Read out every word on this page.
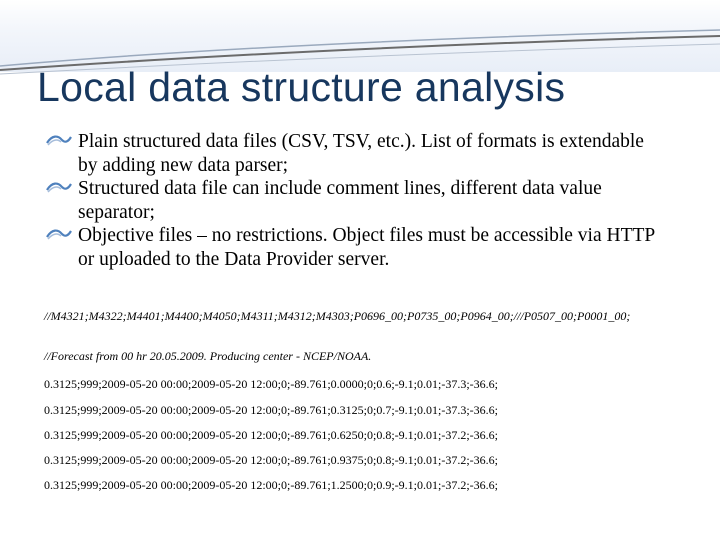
Local data structure analysis
Plain structured data files (CSV, TSV, etc.). List of formats is extendable by adding new data parser;
Structured data file can include comment lines, different data value separator;
Objective files – no restrictions. Object files must be accessible via HTTP or uploaded to the Data Provider server.

//M4321;M4322;M4401;M4400;M4050;M4311;M4312;M4303;P0696_00;P0735_00;P0964_00;///P0507_00;P0001_00;

//Forecast from 00 hr 20.05.2009. Producing center - NCEP/NOAA.

0.3125;999;2009-05-20 00:00;2009-05-20 12:00;0;-89.761;0.0000;0;0.6;-9.1;0.01;-37.3;-36.6;

0.3125;999;2009-05-20 00:00;2009-05-20 12:00;0;-89.761;0.3125;0;0.7;-9.1;0.01;-37.3;-36.6;

0.3125;999;2009-05-20 00:00;2009-05-20 12:00;0;-89.761;0.6250;0;0.8;-9.1;0.01;-37.2;-36.6;

0.3125;999;2009-05-20 00:00;2009-05-20 12:00;0;-89.761;0.9375;0;0.8;-9.1;0.01;-37.2;-36.6;

0.3125;999;2009-05-20 00:00;2009-05-20 12:00;0;-89.761;1.2500;0;0.9;-9.1;0.01;-37.2;-36.6;
